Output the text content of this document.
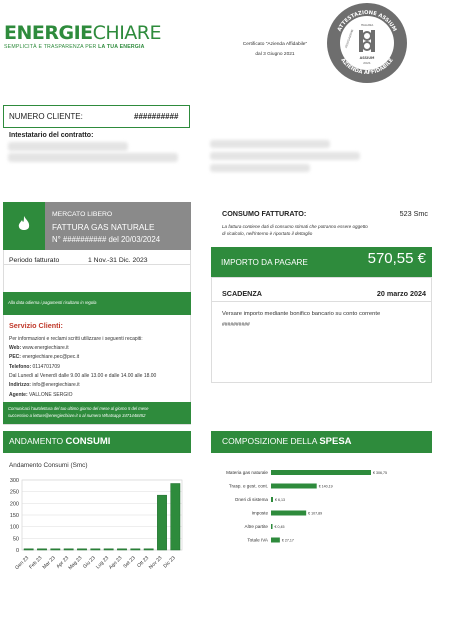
ENERGIECHIARE
SEMPLICITÀ E TRASPARENZA PER LA TUA ENERGIA	Certificato "Azienda Affidabile"
dal 3 Giugno 2021
ATTESTAZIONE ASSIUM
AZIENDA AFFIDABILE
ITALIANA
ASSOCIAZIONE
ASSIUM
2021
NUMERO CLIENTE:	##########
Intestatario del contratto:
MERCATO LIBERO
FATTURA GAS NATURALE
N° ########## del 20/03/2024
Periodo fatturato	1 Nov.-31 Dic. 2023
Alla data odierna i pagamenti risultano in regola
Servizio Clienti:
Per informazioni e reclami scritti utilizzare i seguenti recapiti:
Web: www.energiechiare.it
PEC: energiechiare.pec@pec.it
Telefono: 0114701709
Dal Lunedì al Venerdì dalle 9.00 alle 13.00 e dalle 14.00 alle 18.00
Indirizzo: info@energiechiare.it
Agente: VALLONE SERGIO
Comunicaci l'autolettura del tuo ultimo giorno del mese al giorno 5 del mese
successivo a letture@energiechiare.it o al numero Whatsapp 3471448452
CONSUMO FATTURATO:	523 Smc
La fattura contiene dati di consumo stimati che potranno essere oggetto
di ricalcolo, nell'interno è riportato il dettaglio
IMPORTO DA PAGARE	570,55 €
SCADENZA	20 marzo 2024
Versare importo mediante bonifico bancario su conto corrente
##########
ANDAMENTO CONSUMI	COMPOSIZIONE DELLA SPESA
Andamento Consumi (Smc)
0
50
100
150
200
250
300
Gen 23
Feb 23
Mar 23
Apr 23
Mag 23
Giu 23
Lug 23
Ago 23
Set 23 Ott 23
Nov 23 Dic 23
Materia gas naturale	€ 306,75
Trasp. e gest. cont.	€ 140,19
Oneri di sistema € 6,13
Imposte	€ 107,89
Altre partite € 0,45
Totale IVA	€ 27,17
